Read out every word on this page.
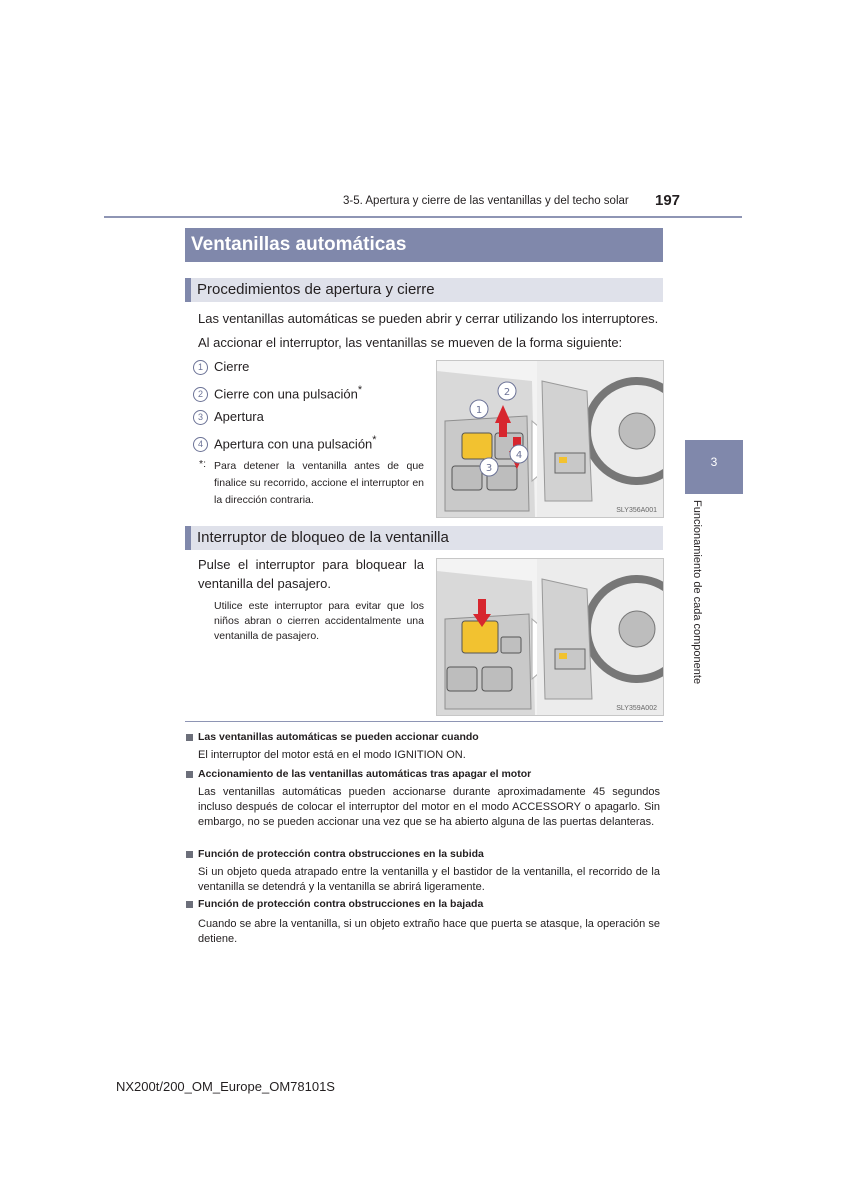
3-5. Apertura y cierre de las ventanillas y del techo solar 197
Ventanillas automáticas
Procedimientos de apertura y cierre
Las ventanillas automáticas se pueden abrir y cerrar utilizando los interruptores.
Al accionar el interruptor, las ventanillas se mueven de la forma siguiente:
1 Cierre
2 Cierre con una pulsación*
3 Apertura
4 Apertura con una pulsación*
*: Para detener la ventanilla antes de que finalice su recorrido, accione el interruptor en la dirección contraria.
1
2
3
4
SLY356A001
Interruptor de bloqueo de la ventanilla
Pulse el interruptor para bloquear la ventanilla del pasajero.
Utilice este interruptor para evitar que los niños abran o cierren accidentalmente una ventanilla de pasajero.
SLY359A002
3
Funcionamiento de cada componente
Las ventanillas automáticas se pueden accionar cuando
El interruptor del motor está en el modo IGNITION ON.
Accionamiento de las ventanillas automáticas tras apagar el motor
Las ventanillas automáticas pueden accionarse durante aproximadamente 45 segundos incluso después de colocar el interruptor del motor en el modo ACCESSORY o apagarlo. Sin embargo, no se pueden accionar una vez que se ha abierto alguna de las puertas delanteras.
Función de protección contra obstrucciones en la subida
Si un objeto queda atrapado entre la ventanilla y el bastidor de la ventanilla, el recorrido de la ventanilla se detendrá y la ventanilla se abrirá ligeramente.
Función de protección contra obstrucciones en la bajada
Cuando se abre la ventanilla, si un objeto extraño hace que puerta se atasque, la operación se detiene.
NX200t/200_OM_Europe_OM78101S
